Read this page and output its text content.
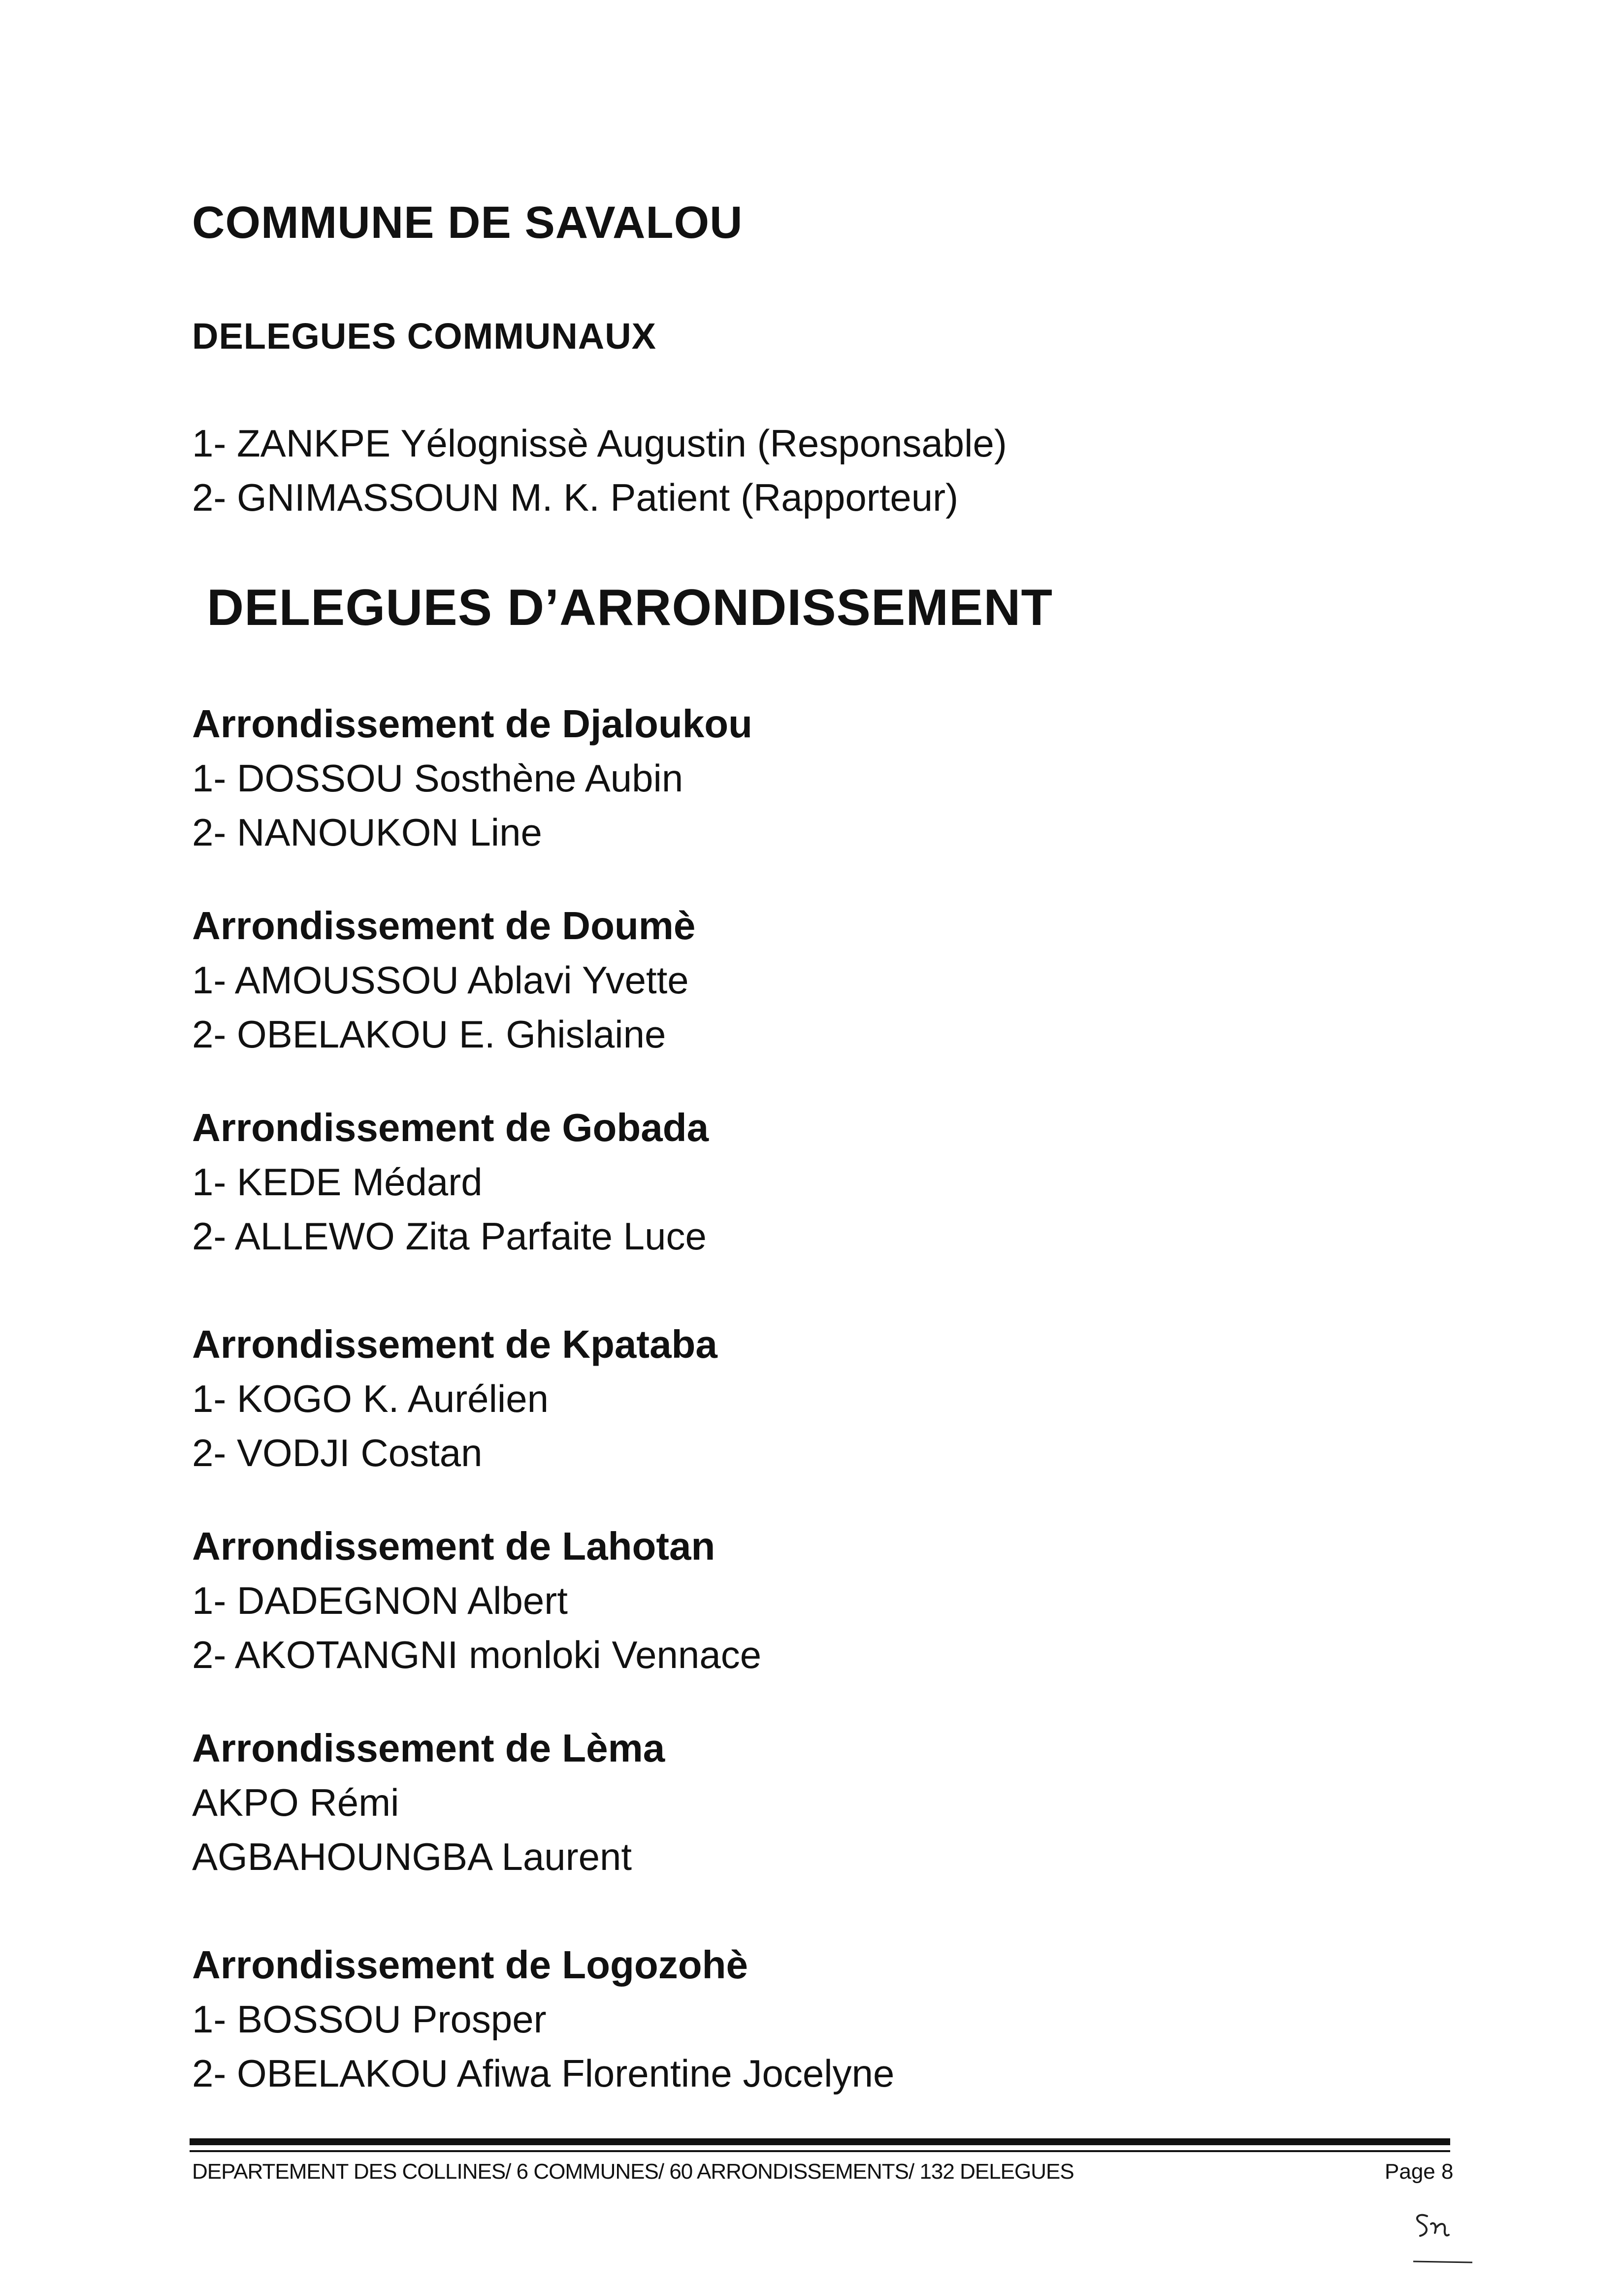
COMMUNE DE SAVALOU
DELEGUES COMMUNAUX
1- ZANKPE Yélognissè Augustin (Responsable)
2- GNIMASSOUN M. K. Patient (Rapporteur)
DELEGUES D’ARRONDISSEMENT
Arrondissement de Djaloukou
1- DOSSOU Sosthène Aubin
2- NANOUKON Line
Arrondissement de Doumè
1- AMOUSSOU Ablavi Yvette
2- OBELAKOU E. Ghislaine
Arrondissement de Gobada
1- KEDE Médard
2- ALLEWO Zita Parfaite Luce
Arrondissement de Kpataba
1- KOGO K. Aurélien
2- VODJI Costan
Arrondissement de Lahotan
1- DADEGNON Albert
2- AKOTANGNI monloki Vennace
Arrondissement de Lèma
AKPO Rémi
AGBAHOUNGBA Laurent
Arrondissement de Logozohè
1- BOSSOU Prosper
2- OBELAKOU Afiwa Florentine Jocelyne
DEPARTEMENT DES COLLINES/ 6 COMMUNES/ 60 ARRONDISSEMENTS/ 132 DELEGUES	Page 8
